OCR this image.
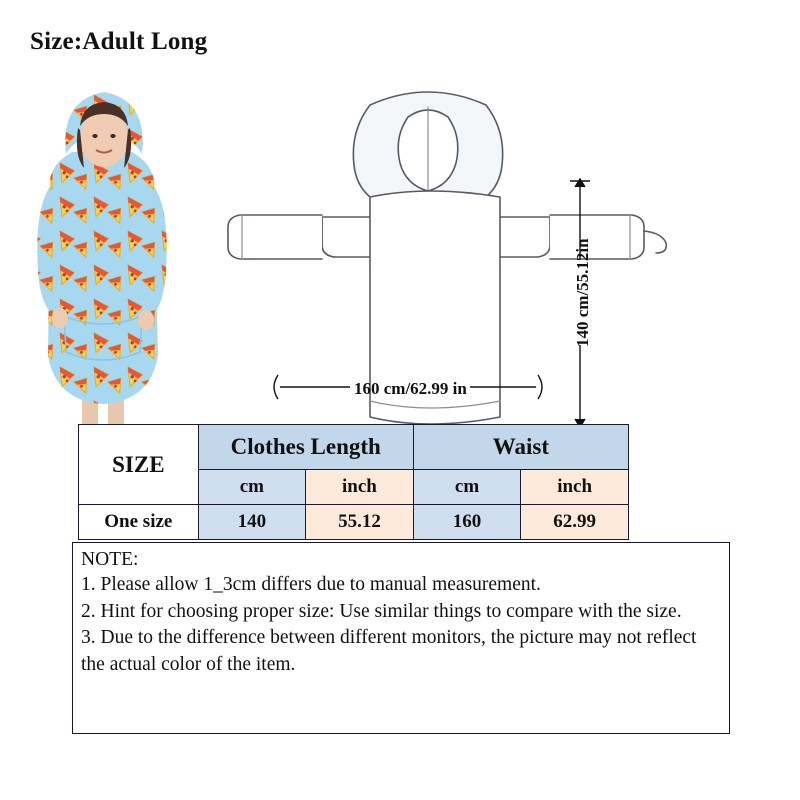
Size:Adult Long
160 cm/62.99 in
140 cm/55.12in
SIZE	Clothes Length		Waist	
	cm	inch	cm	inch
One size	140	55.12	160	62.99
NOTE:
1. Please allow 1_3cm differs due to manual measurement.
2. Hint for choosing proper size: Use similar things to compare with the size.
3. Due to the difference between different monitors, the picture may not reflect the actual color of the item.
